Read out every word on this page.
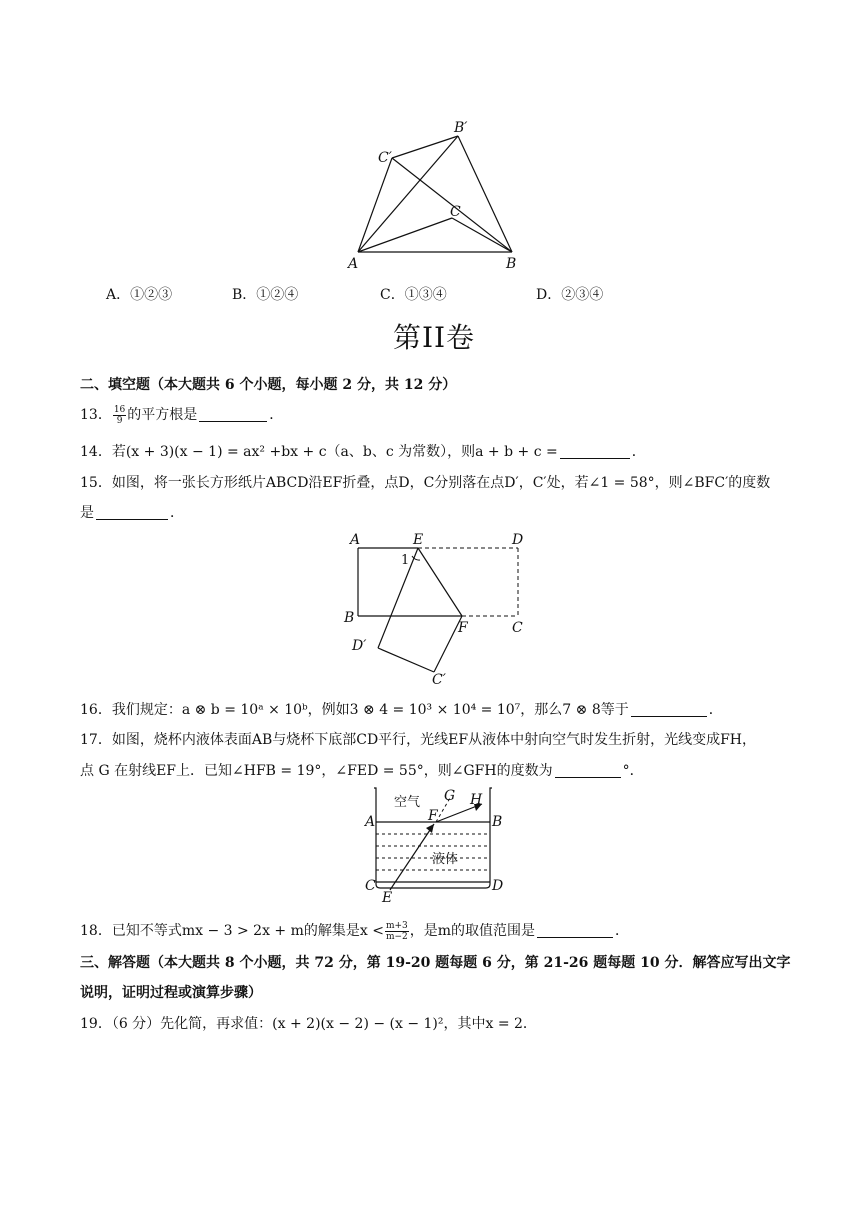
A	B
C
B′
C′
A．①②③	B．①②④	C．①③④	D．②③④
第II卷
二、填空题（本大题共 6 个小题，每小题 2 分，共 12 分）
13． $\frac{16}{9}$ 的平方根是	．
14．若(x + 3)(x − 1) = ax² +bx + c（a、b、c 为常数），则a + b + c =	．
15．如图，将一张长方形纸片ABCD沿EF折叠，点D，C分别落在点D′，C′处，若∠1 = 58°，则∠BFC′的度数
是	．
A	E	D
B
F	C
D′
C′
1
16．我们规定：a ⊗ b = 10ᵃ × 10ᵇ，例如3 ⊗ 4 = 10³ × 10⁴ = 10⁷，那么7 ⊗ 8等于	．
17．如图，烧杯内液体表面AB与烧杯下底部CD平行，光线EF从液体中射向空气时发生折射，光线变成FH，
点 G 在射线EF上．已知∠HFB = 19°，∠FED = 55°，则∠GFH的度数为	°．
空气
液体
A	B
C	D
E
F
G H
18．已知不等式mx − 3 > 2x + m的解集是$x < \frac{m+3}{m-2}$ ，是m的取值范围是	．
三、解答题（本大题共 8 个小题，共 72 分，第 19-20 题每题 6 分，第 21-26 题每题 10 分．解答应写出文字
说明，证明过程或演算步骤）
19．（6 分）先化简，再求值：(x + 2)(x − 2) − (x − 1)²，其中x = 2．
